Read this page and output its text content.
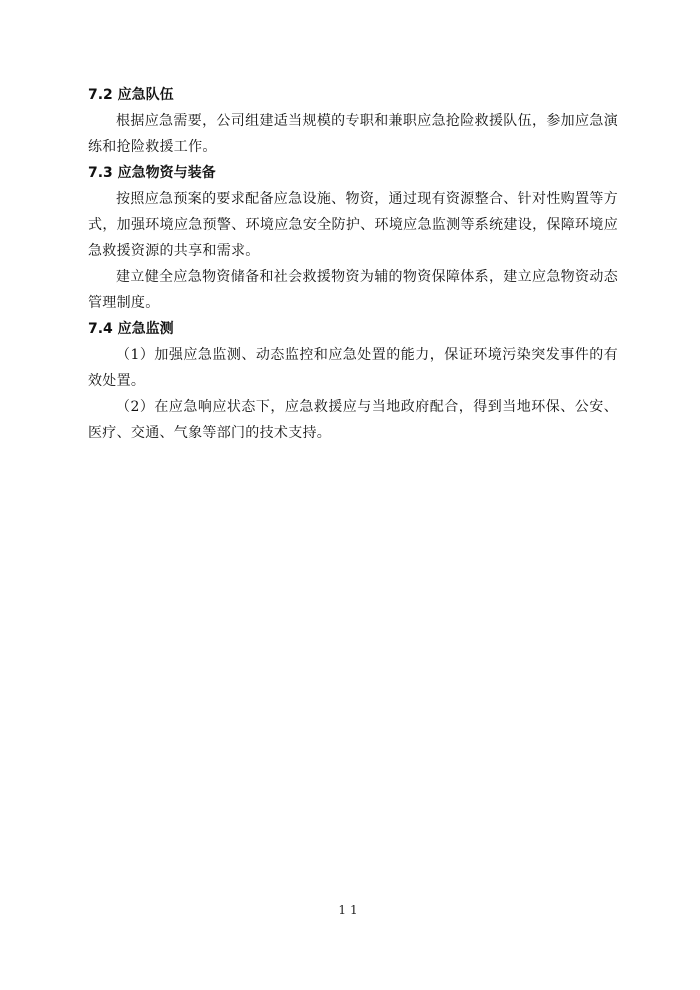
7.2 应急队伍

根据应急需要，公司组建适当规模的专职和兼职应急抢险救援队伍，参加应急演练和抢险救援工作。

7.3 应急物资与装备

按照应急预案的要求配备应急设施、物资，通过现有资源整合、针对性购置等方式，加强环境应急预警、环境应急安全防护、环境应急监测等系统建设，保障环境应急救援资源的共享和需求。

建立健全应急物资储备和社会救援物资为辅的物资保障体系，建立应急物资动态管理制度。

7.4 应急监测

（1）加强应急监测、动态监控和应急处置的能力，保证环境污染突发事件的有效处置。

（2）在应急响应状态下，应急救援应与当地政府配合，得到当地环保、公安、医疗、交通、气象等部门的技术支持。

11
